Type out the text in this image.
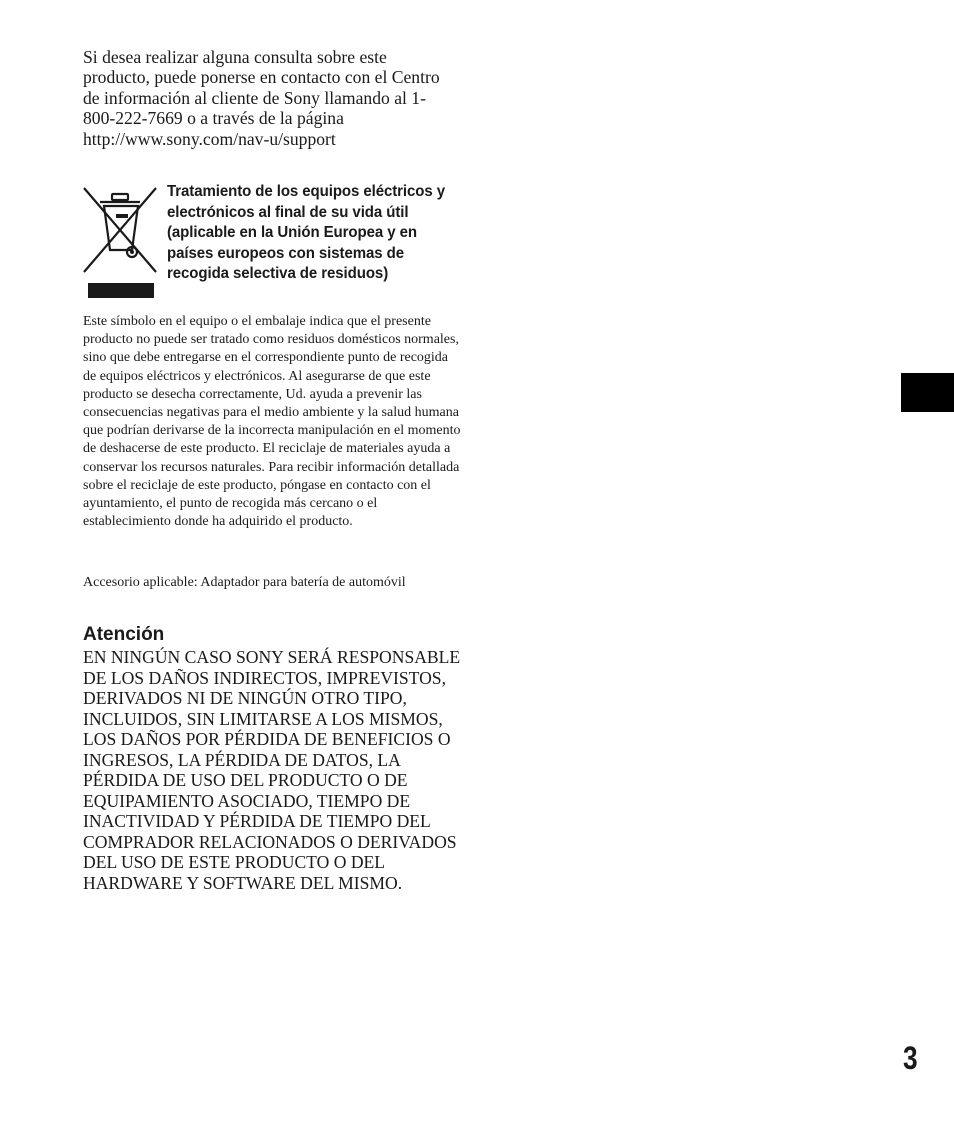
Si desea realizar alguna consulta sobre este producto, puede ponerse en contacto con el Centro de información al cliente de Sony llamando al 1-800-222-7669 o a través de la página http://www.sony.com/nav-u/support

Tratamiento de los equipos eléctricos y electrónicos al final de su vida útil (aplicable en la Unión Europea y en países europeos con sistemas de recogida selectiva de residuos)

Este símbolo en el equipo o el embalaje indica que el presente producto no puede ser tratado como residuos domésticos normales, sino que debe entregarse en el correspondiente punto de recogida de equipos eléctricos y electrónicos. Al asegurarse de que este producto se desecha correctamente, Ud. ayuda a prevenir las consecuencias negativas para el medio ambiente y la salud humana que podrían derivarse de la incorrecta manipulación en el momento de deshacerse de este producto. El reciclaje de materiales ayuda a conservar los recursos naturales. Para recibir información detallada sobre el reciclaje de este producto, póngase en contacto con el ayuntamiento, el punto de recogida más cercano o el establecimiento donde ha adquirido el producto.

Accesorio aplicable: Adaptador para batería de automóvil

Atención

EN NINGÚN CASO SONY SERÁ RESPONSABLE DE LOS DAÑOS INDIRECTOS, IMPREVISTOS, DERIVADOS NI DE NINGÚN OTRO TIPO, INCLUIDOS, SIN LIMITARSE A LOS MISMOS, LOS DAÑOS POR PÉRDIDA DE BENEFICIOS O INGRESOS, LA PÉRDIDA DE DATOS, LA PÉRDIDA DE USO DEL PRODUCTO O DE EQUIPAMIENTO ASOCIADO, TIEMPO DE INACTIVIDAD Y PÉRDIDA DE TIEMPO DEL COMPRADOR RELACIONADOS O DERIVADOS DEL USO DE ESTE PRODUCTO O DEL HARDWARE Y SOFTWARE DEL MISMO.

3
